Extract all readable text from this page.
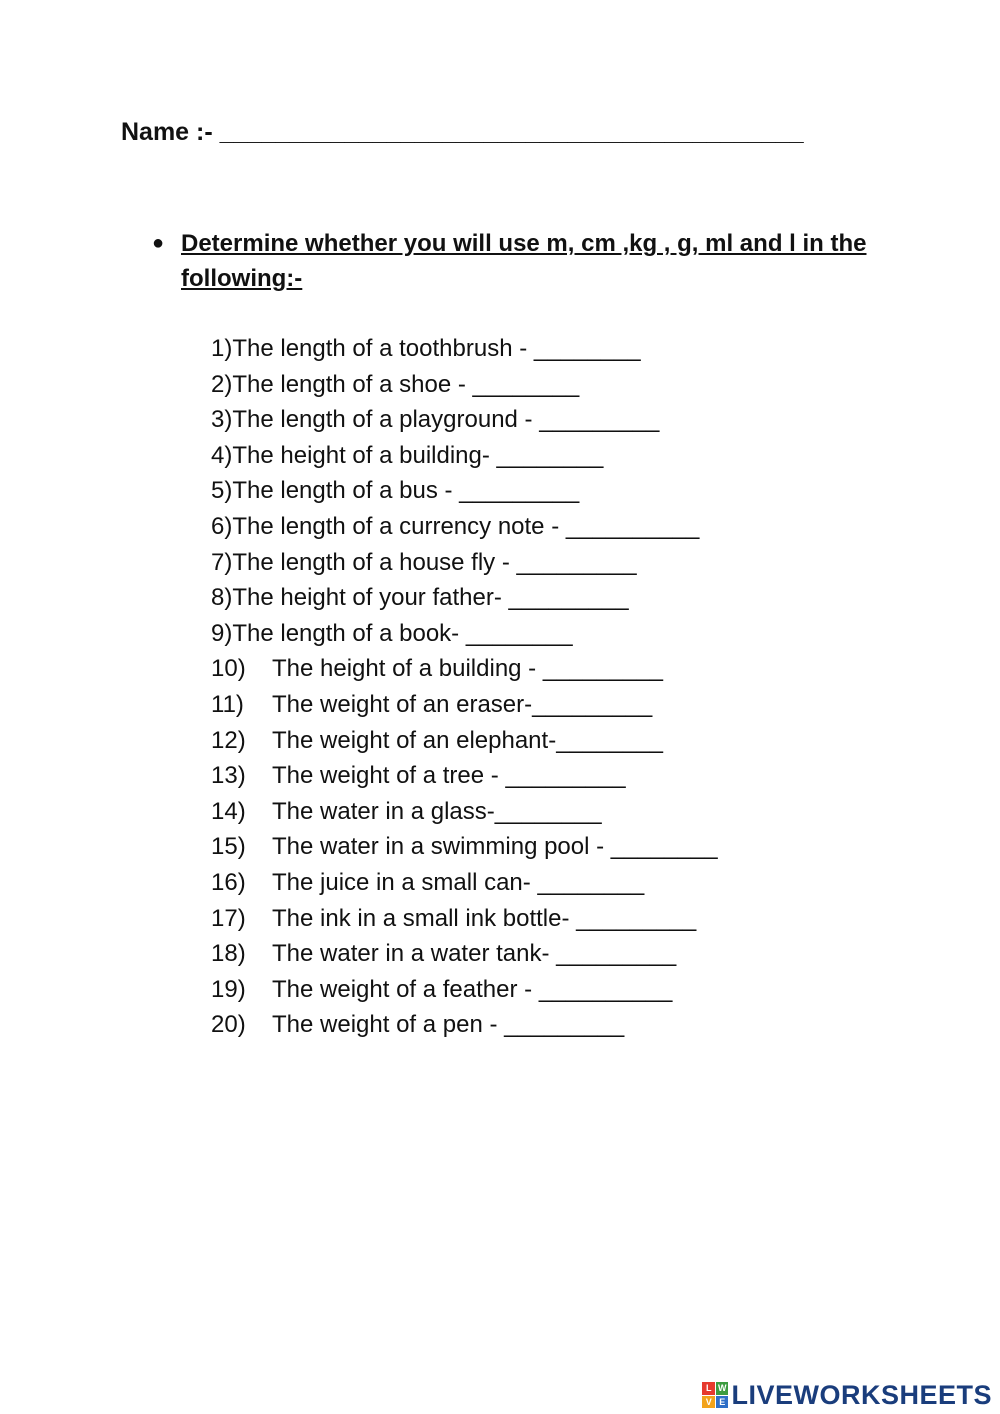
Name :- __________________________________________
● Determine whether you will use m, cm ,kg , g, ml and l in the following:-
1) The length of a toothbrush - ________
2) The length of a shoe - ________
3) The length of a playground - _________
4) The height of a building- ________
5) The length of a bus - _________
6) The length of a currency note - __________
7) The length of a house fly - _________
8) The height of your father- _________
9) The length of a book- ________
10)	The height of a building - _________
11)	The weight of an eraser-_________
12)	The weight of an elephant-________
13)	The weight of a tree - _________
14)	The water in a glass-________
15)	The water in a swimming pool - ________
16)	The juice in a small can- ________
17)	The ink in a small ink bottle- _________
18)	The water in a water tank- _________
19)	The weight of a feather - __________
20)	The weight of a pen - _________
L W
V E LIVEWORKSHEETS
